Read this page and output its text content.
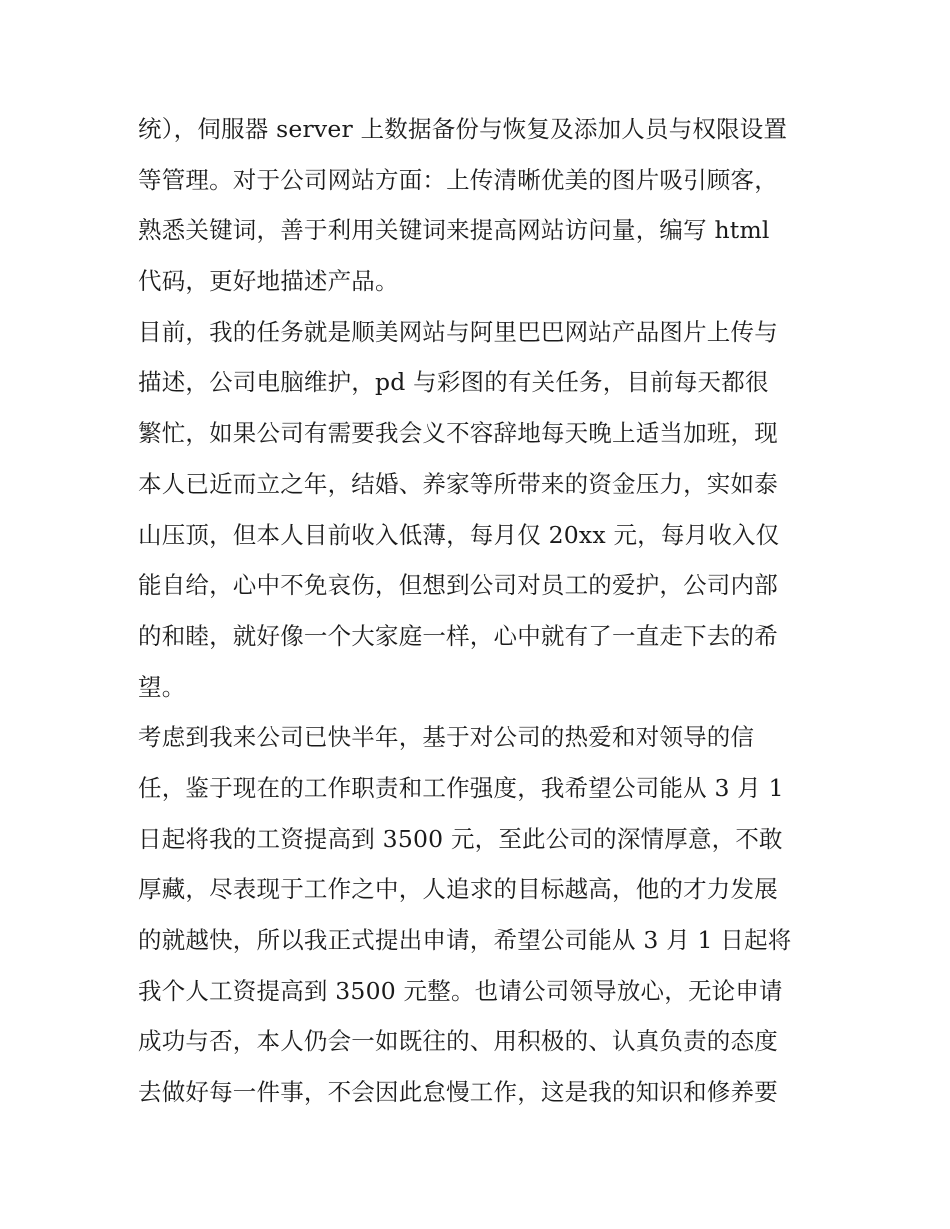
统），伺服器 server 上数据备份与恢复及添加人员与权限设置
等管理。对于公司网站方面：上传清晰优美的图片吸引顾客，
熟悉关键词，善于利用关键词来提高网站访问量，编写 html
代码，更好地描述产品。
目前，我的任务就是顺美网站与阿里巴巴网站产品图片上传与
描述，公司电脑维护，pd 与彩图的有关任务，目前每天都很
繁忙，如果公司有需要我会义不容辞地每天晚上适当加班，现
本人已近而立之年，结婚、养家等所带来的资金压力，实如泰
山压顶，但本人目前收入低薄，每月仅 20xx 元，每月收入仅
能自给，心中不免哀伤，但想到公司对员工的爱护，公司内部
的和睦，就好像一个大家庭一样，心中就有了一直走下去的希
望。
考虑到我来公司已快半年，基于对公司的热爱和对领导的信
任，鉴于现在的工作职责和工作强度，我希望公司能从 3 月 1
日起将我的工资提高到 3500 元，至此公司的深情厚意，不敢
厚藏，尽表现于工作之中，人追求的目标越高，他的才力发展
的就越快，所以我正式提出申请，希望公司能从 3 月 1 日起将
我个人工资提高到 3500 元整。也请公司领导放心，无论申请
成功与否，本人仍会一如既往的、用积极的、认真负责的态度
去做好每一件事，不会因此怠慢工作，这是我的知识和修养要
